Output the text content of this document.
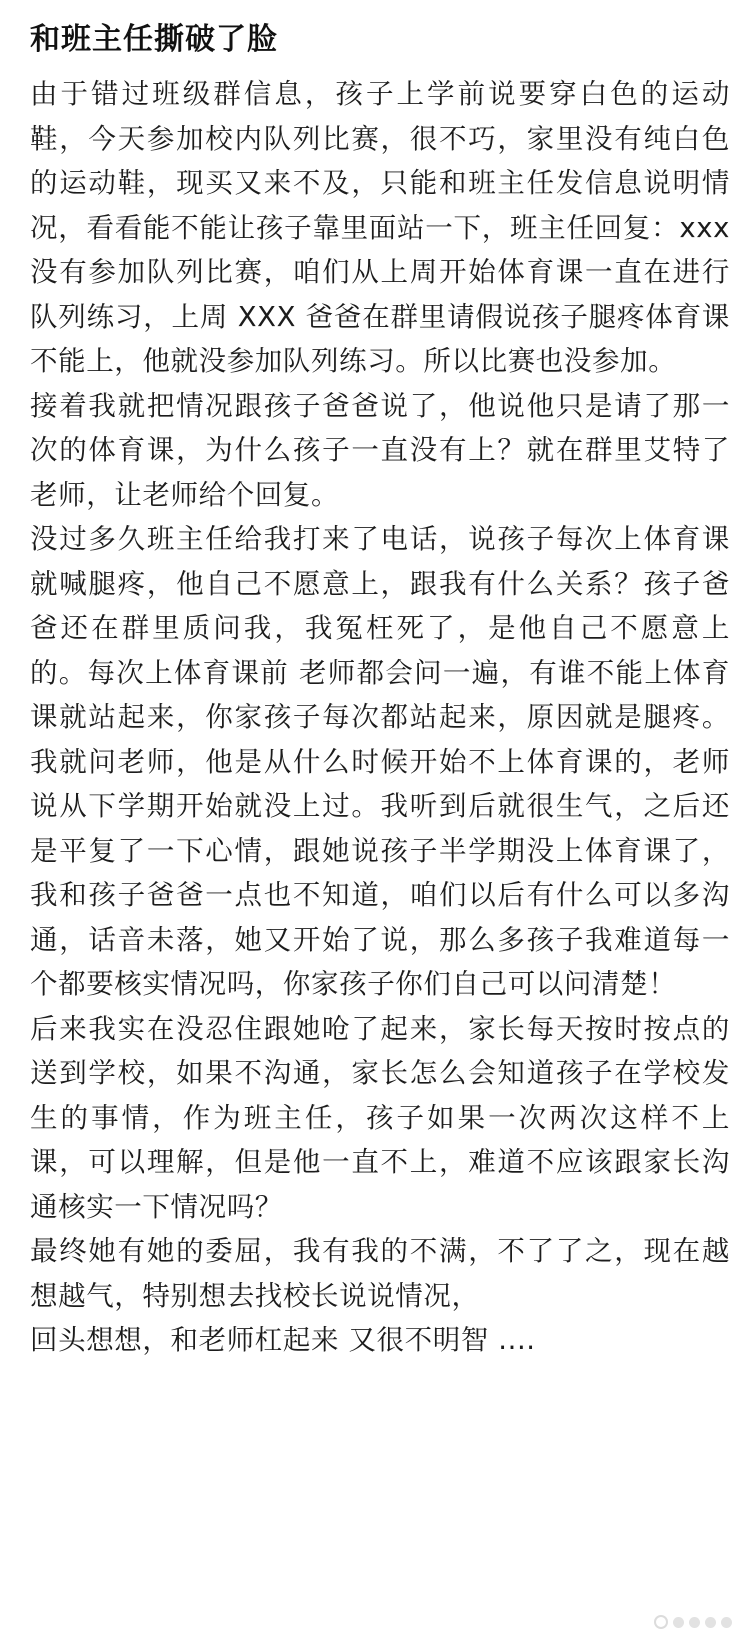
和班主任撕破了脸

由于错过班级群信息，孩子上学前说要穿白色的运动鞋，今天参加校内队列比赛，很不巧，家里没有纯白色的运动鞋，现买又来不及，只能和班主任发信息说明情况，看看能不能让孩子靠里面站一下，班主任回复：xxx 没有参加队列比赛，咱们从上周开始体育课一直在进行队列练习，上周 XXX 爸爸在群里请假说孩子腿疼体育课不能上，他就没参加队列练习。所以比赛也没参加。

接着我就把情况跟孩子爸爸说了，他说他只是请了那一次的体育课，为什么孩子一直没有上？就在群里艾特了老师，让老师给个回复。

没过多久班主任给我打来了电话，说孩子每次上体育课就喊腿疼，他自己不愿意上，跟我有什么关系？孩子爸爸还在群里质问我，我冤枉死了，是他自己不愿意上的。每次上体育课前 老师都会问一遍，有谁不能上体育课就站起来，你家孩子每次都站起来，原因就是腿疼。我就问老师，他是从什么时候开始不上体育课的，老师说从下学期开始就没上过。我听到后就很生气，之后还是平复了一下心情，跟她说孩子半学期没上体育课了，我和孩子爸爸一点也不知道，咱们以后有什么可以多沟通，话音未落，她又开始了说，那么多孩子我难道每一个都要核实情况吗，你家孩子你们自己可以问清楚！

后来我实在没忍住跟她呛了起来，家长每天按时按点的送到学校，如果不沟通，家长怎么会知道孩子在学校发生的事情，作为班主任，孩子如果一次两次这样不上课，可以理解，但是他一直不上，难道不应该跟家长沟通核实一下情况吗？

最终她有她的委屈，我有我的不满，不了了之，现在越想越气，特别想去找校长说说情况，

回头想想，和老师杠起来 又很不明智 ....
